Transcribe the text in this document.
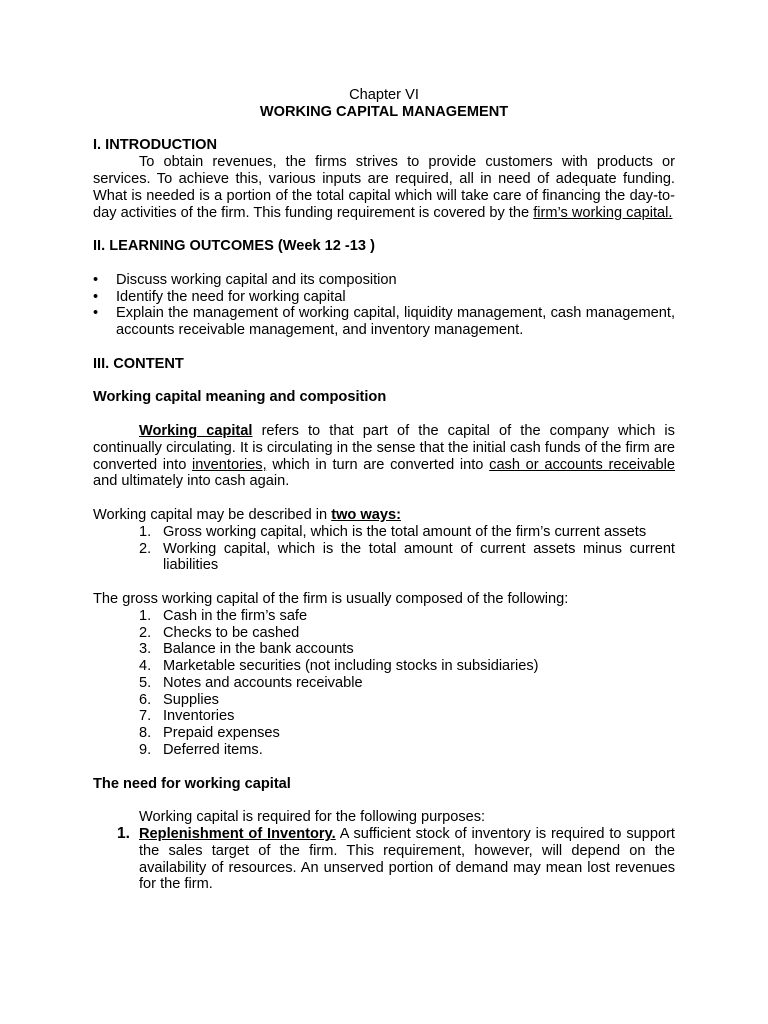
Chapter VI

WORKING CAPITAL MANAGEMENT

I. INTRODUCTION

To obtain revenues, the firms strives to provide customers with products or services. To achieve this, various inputs are required, all in need of adequate funding. What is needed is a portion of the total capital which will take care of financing the day-to-day activities of the firm. This funding requirement is covered by the firm’s working capital.

II. LEARNING OUTCOMES (Week 12 -13 )

• Discuss working capital and its composition
• Identify the need for working capital
• Explain the management of working capital, liquidity management, cash management, accounts receivable management, and inventory management.

III. CONTENT

Working capital meaning and composition

Working capital refers to that part of the capital of the company which is continually circulating. It is circulating in the sense that the initial cash funds of the firm are converted into inventories, which in turn are converted into cash or accounts receivable and ultimately into cash again.

Working capital may be described in two ways:

1. Gross working capital, which is the total amount of the firm’s current assets
2. Working capital, which is the total amount of current assets minus current liabilities

The gross working capital of the firm is usually composed of the following:

1. Cash in the firm’s safe
2. Checks to be cashed
3. Balance in the bank accounts
4. Marketable securities (not including stocks in subsidiaries)
5. Notes and accounts receivable
6. Supplies
7. Inventories
8. Prepaid expenses
9. Deferred items.

The need for working capital

Working capital is required for the following purposes:

1. Replenishment of Inventory. A sufficient stock of inventory is required to support the sales target of the firm. This requirement, however, will depend on the availability of resources. An unserved portion of demand may mean lost revenues for the firm.
